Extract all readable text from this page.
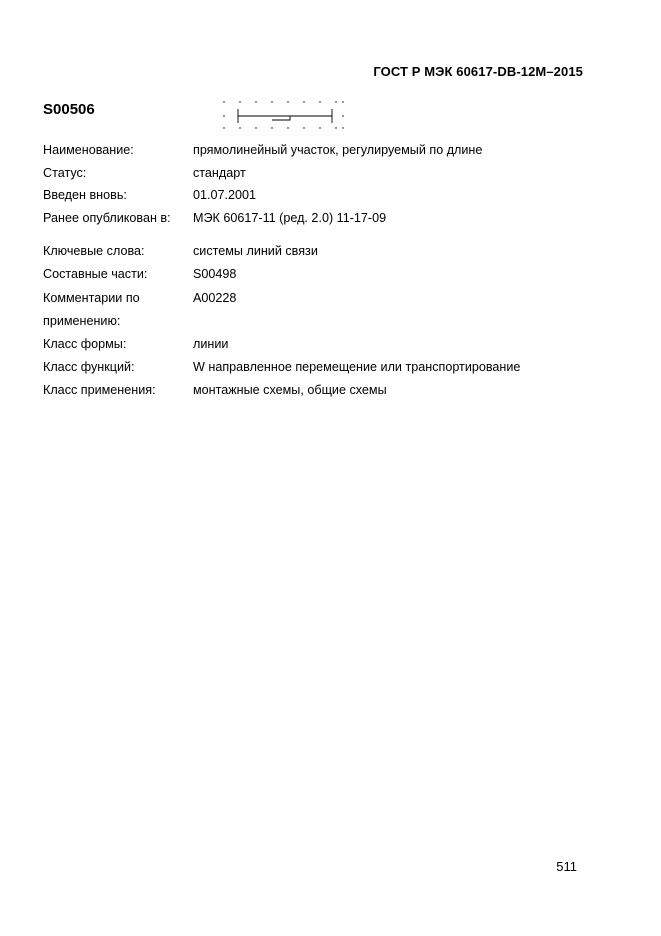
ГОСТ Р МЭК 60617-DB-12M–2015
S00506
Наименование:	прямолинейный участок, регулируемый по длине
Статус:	стандарт
Введен вновь:	01.07.2001
Ранее опубликован в: МЭК 60617-11 (ред. 2.0) 11-17-09
Ключевые слова:	системы линий связи
Составные части:	S00498
Комментарии по	A00228
применению:
Класс формы:	линии
Класс функций:	W направленное перемещение или транспортирование
Класс применения:	монтажные схемы, общие схемы
511
